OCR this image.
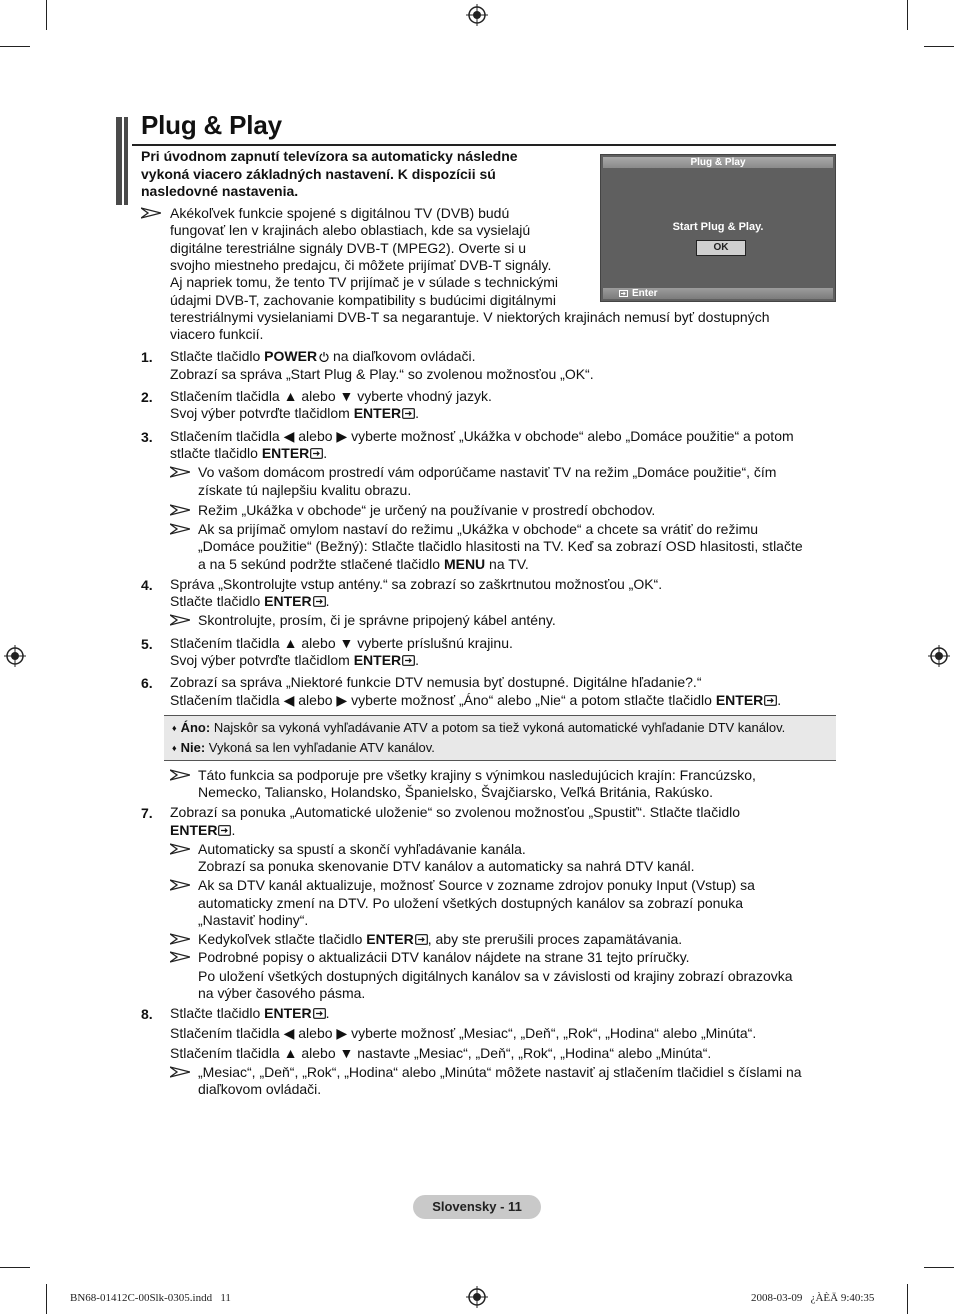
Plug & Play
Pri úvodnom zapnutí televízora sa automaticky následne vykoná viacero základných nastavení. K dispozícii sú nasledovné nastavenia.
Akékoľvek funkcie spojené s digitálnou TV (DVB) budú
fungovať len v krajinách alebo oblastiach, kde sa vysielajú
digitálne terestriálne signály DVB-T (MPEG2). Overte si u
svojho miestneho predajcu, či môžete prijímať DVB-T signály.
Aj napriek tomu, že tento TV prijímač je v súlade s technickými
údajmi DVB-T, zachovanie kompatibility s budúcimi digitálnymi
terestriálnymi vysielaniami DVB-T sa negarantuje. V niektorých krajinách nemusí byť dostupných
viacero funkcií.
Plug & Play
Start Plug & Play.
OK
Enter
1. Stlačte tlačidlo POWER na diaľkovom ovládači.
Zobrazí sa správa „Start Plug & Play.“ so zvolenou možnosťou „OK“.
2. Stlačením tlačidla ▲ alebo ▼ vyberte vhodný jazyk.
Svoj výber potvrďte tlačidlom ENTER .
3. Stlačením tlačidla ◀ alebo ▶ vyberte možnosť „Ukážka v obchode“ alebo „Domáce použitie“ a potom
stlačte tlačidlo ENTER .
Vo vašom domácom prostredí vám odporúčame nastaviť TV na režim „Domáce použitie“, čím
získate tú najlepšiu kvalitu obrazu.
Režim „Ukážka v obchode“ je určený na používanie v prostredí obchodov.
Ak sa prijímač omylom nastaví do režimu „Ukážka v obchode“ a chcete sa vrátiť do režimu
„Domáce použitie“ (Bežný): Stlačte tlačidlo hlasitosti na TV. Keď sa zobrazí OSD hlasitosti, stlačte
a na 5 sekúnd podržte stlačené tlačidlo MENU na TV.
4. Správa „Skontrolujte vstup antény.“ sa zobrazí so zaškrtnutou možnosťou „OK“.
Stlačte tlačidlo ENTER .
Skontrolujte, prosím, či je správne pripojený kábel antény.
5. Stlačením tlačidla ▲ alebo ▼ vyberte príslušnú krajinu.
Svoj výber potvrďte tlačidlom ENTER .
6. Zobrazí sa správa „Niektoré funkcie DTV nemusia byť dostupné. Digitálne hľadanie?.“
Stlačením tlačidla ◀ alebo ▶ vyberte možnosť „Áno“ alebo „Nie“ a potom stlačte tlačidlo ENTER .
♦ Áno: Najskôr sa vykoná vyhľadávanie ATV a potom sa tiež vykoná automatické vyhľadanie DTV kanálov.
♦ Nie: Vykoná sa len vyhľadanie ATV kanálov.
Táto funkcia sa podporuje pre všetky krajiny s výnimkou nasledujúcich krajín: Francúzsko,
Nemecko, Taliansko, Holandsko, Španielsko, Švajčiarsko, Veľká Británia, Rakúsko.
7. Zobrazí sa ponuka „Automatické uloženie“ so zvolenou možnosťou „Spustiť“. Stlačte tlačidlo
ENTER .
Automaticky sa spustí a skončí vyhľadávanie kanála.
Zobrazí sa ponuka skenovanie DTV kanálov a automaticky sa nahrá DTV kanál.
Ak sa DTV kanál aktualizuje, možnosť Source v zozname zdrojov ponuky Input (Vstup) sa
automaticky zmení na DTV. Po uložení všetkých dostupných kanálov sa zobrazí ponuka
„Nastaviť hodiny“.
Kedykoľvek stlačte tlačidlo ENTER , aby ste prerušili proces zapamätávania.
Podrobné popisy o aktualizácii DTV kanálov nájdete na strane 31 tejto príručky.
Po uložení všetkých dostupných digitálnych kanálov sa v závislosti od krajiny zobrazí obrazovka
na výber časového pásma.
8. Stlačte tlačidlo ENTER .
Stlačením tlačidla ◀ alebo ▶ vyberte možnosť „Mesiac“, „Deň“, „Rok“, „Hodina“ alebo „Minúta“.
Stlačením tlačidla ▲ alebo ▼ nastavte „Mesiac“, „Deň“, „Rok“, „Hodina“ alebo „Minúta“.
„Mesiac“, „Deň“, „Rok“, „Hodina“ alebo „Minúta“ môžete nastaviť aj stlačením tlačidiel s číslami na
diaľkovom ovládači.
Slovensky - 11
BN68-01412C-00Slk-0305.indd   11	2008-03-09   ¿ÀÈÄ 9:40:35
